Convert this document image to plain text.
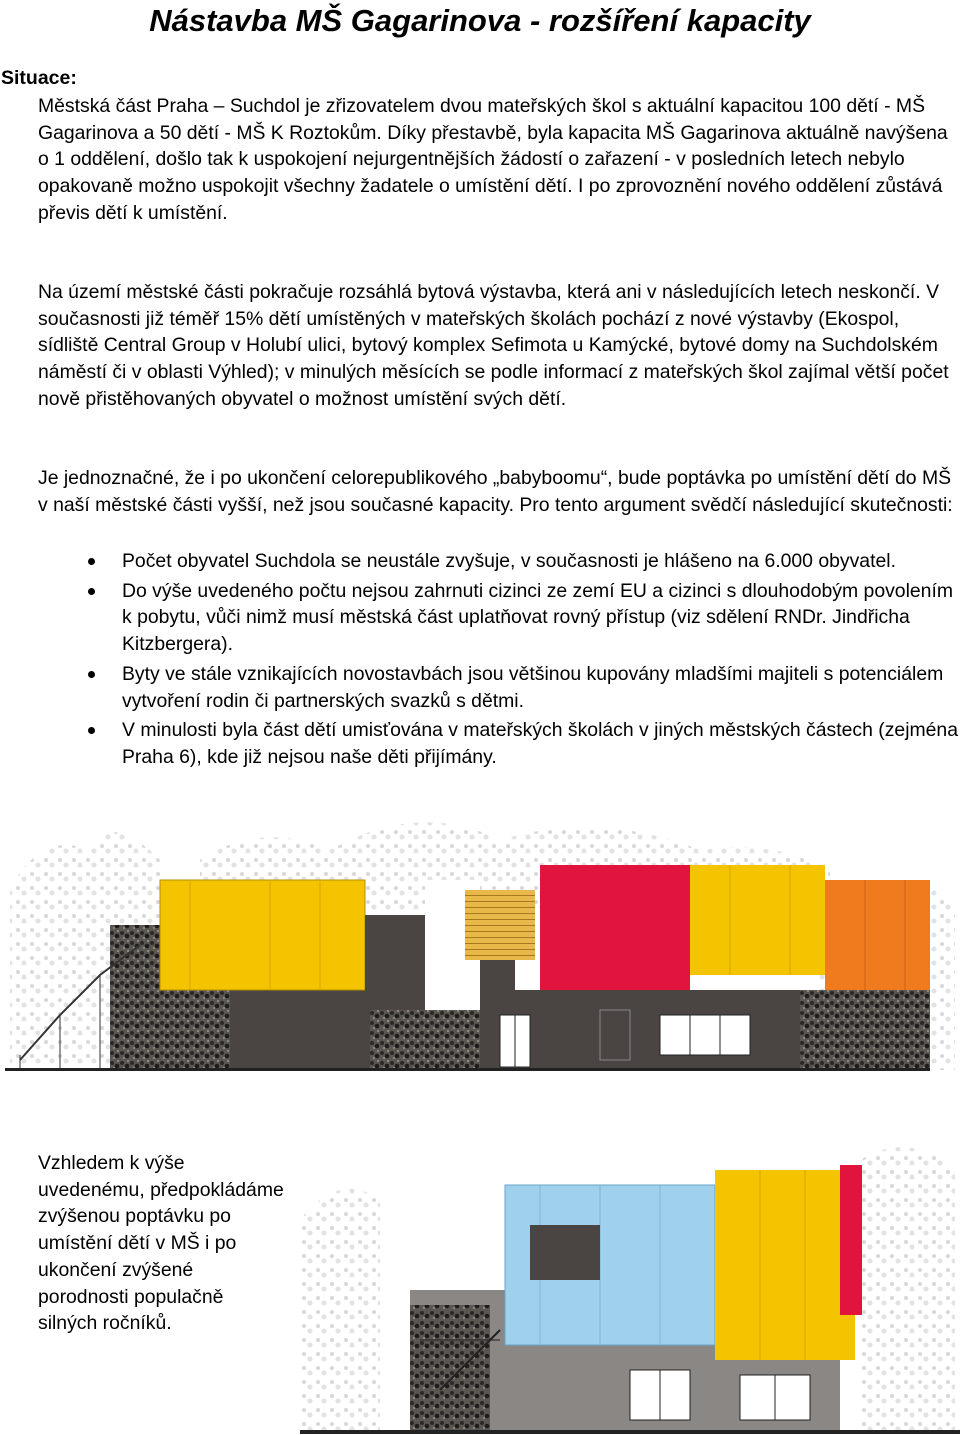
Nástavba MŠ Gagarinova - rozšíření kapacity
Situace:
Městská část Praha – Suchdol je zřizovatelem dvou mateřských škol s aktuální kapacitou 100 dětí - MŠ Gagarinova a 50 dětí - MŠ K Roztokům. Díky přestavbě, byla kapacita MŠ Gagarinova aktuálně navýšena o 1 oddělení, došlo tak k uspokojení nejurgentnějších žádostí o zařazení - v posledních letech nebylo opakovaně možno uspokojit všechny žadatele o umístění dětí. I po zprovoznění nového oddělení zůstává převis dětí k umístění.
Na území městské části pokračuje rozsáhlá bytová výstavba, která ani v následujících letech neskončí. V současnosti již téměř 15% dětí umístěných v mateřských školách pochází z nové výstavby (Ekospol, sídliště Central Group v Holubí ulici, bytový komplex Sefimota u Kamýcké, bytové domy na Suchdolském náměstí či v oblasti Výhled); v minulých měsících se podle informací z mateřských škol zajímal větší počet nově přistěhovaných obyvatel o možnost umístění svých dětí.
Je jednoznačné, že i po ukončení celorepublikového „babyboomu“, bude poptávka po umístění dětí do MŠ v naší městské části vyšší, než jsou současné kapacity. Pro tento argument svědčí následující skutečnosti:
Počet obyvatel Suchdola se neustále zvyšuje, v současnosti je hlášeno na 6.000 obyvatel.
Do výše uvedeného počtu nejsou zahrnuti cizinci ze zemí EU a cizinci s dlouhodobým povolením k pobytu, vůči nimž musí městská část uplatňovat rovný přístup (viz sdělení RNDr. Jindřicha Kitzbergera).
Byty ve stále vznikajících novostavbách jsou většinou kupovány mladšími majiteli s potenciálem vytvoření rodin či partnerských svazků s dětmi.
V minulosti byla část dětí umisťována v mateřských školách v jiných městských částech (zejména Praha 6), kde již nejsou naše děti přijímány.
Vzhledem k výše uvedenému, předpokládáme zvýšenou poptávku po umístění dětí v MŠ i po ukončení zvýšené porodnosti populačně silných ročníků.
